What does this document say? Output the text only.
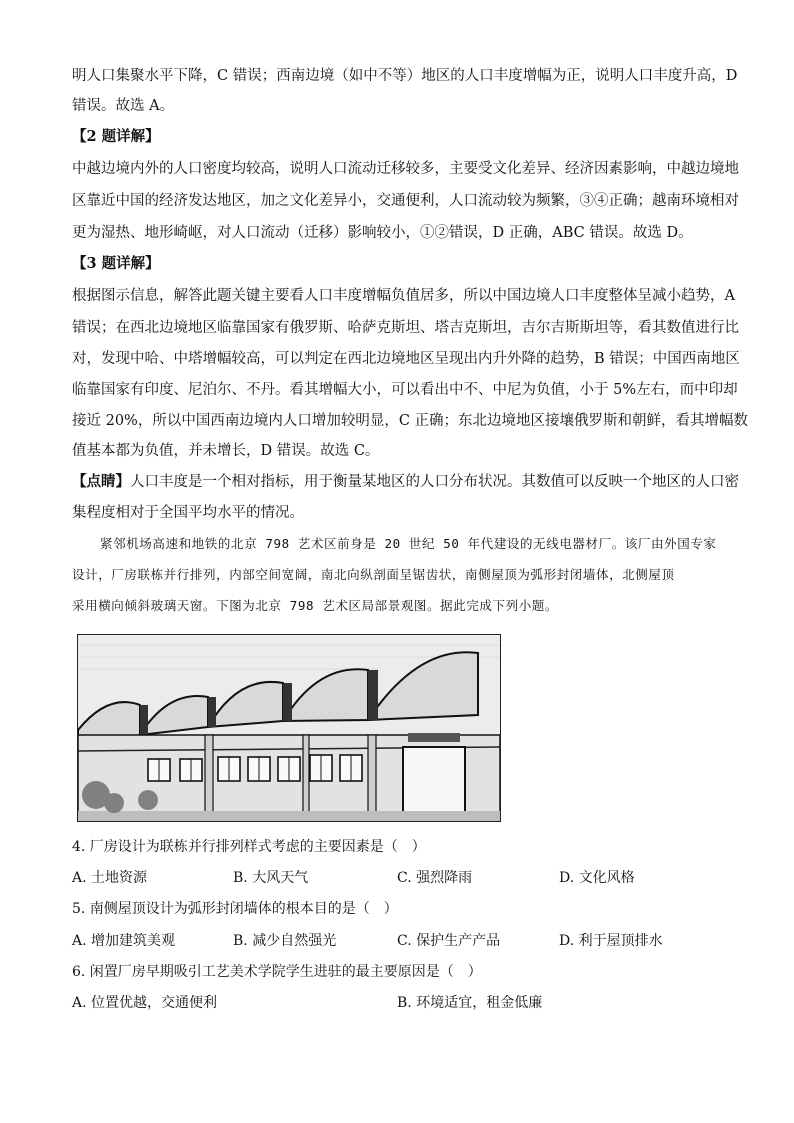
明人口集聚水平下降，C 错误；西南边境（如中不等）地区的人口丰度增幅为正，说明人口丰度升高，D
错误。故选 A。
【2 题详解】
中越边境内外的人口密度均较高，说明人口流动迁移较多，主要受文化差异、经济因素影响，中越边境地
区靠近中国的经济发达地区，加之文化差异小，交通便利，人口流动较为频繁，③④正确；越南环境相对
更为湿热、地形崎岖，对人口流动（迁移）影响较小，①②错误，D 正确，ABC 错误。故选 D。
【3 题详解】
根据图示信息，解答此题关键主要看人口丰度增幅负值居多，所以中国边境人口丰度整体呈减小趋势，A
错误；在西北边境地区临靠国家有俄罗斯、哈萨克斯坦、塔吉克斯坦，吉尔吉斯斯坦等，看其数值进行比
对，发现中哈、中塔增幅较高，可以判定在西北边境地区呈现出内升外降的趋势，B 错误；中国西南地区
临靠国家有印度、尼泊尔、不丹。看其增幅大小，可以看出中不、中尼为负值，小于 5%左右，而中印却
接近 20%，所以中国西南边境内人口增加较明显，C 正确；东北边境地区接壤俄罗斯和朝鲜，看其增幅数
值基本都为负值，并未增长，D 错误。故选 C。
【点睛】人口丰度是一个相对指标，用于衡量某地区的人口分布状况。其数值可以反映一个地区的人口密
集程度相对于全国平均水平的情况。
紧邻机场高速和地铁的北京 798 艺术区前身是 20 世纪 50 年代建设的无线电器材厂。该厂由外国专家
设计，厂房联栋并行排列，内部空间宽阔，南北向纵剖面呈锯齿状，南侧屋顶为弧形封闭墙体，北侧屋顶
采用横向倾斜玻璃天窗。下图为北京 798 艺术区局部景观图。据此完成下列小题。
4. 厂房设计为联栋并行排列样式考虑的主要因素是（　）
A. 土地资源	B. 大风天气	C. 强烈降雨	D. 文化风格
5. 南侧屋顶设计为弧形封闭墙体的根本目的是（　）
A. 增加建筑美观	B. 减少自然强光	C. 保护生产产品	D. 利于屋顶排水
6. 闲置厂房早期吸引工艺美术学院学生进驻的最主要原因是（　）
A. 位置优越，交通便利	B. 环境适宜，租金低廉
